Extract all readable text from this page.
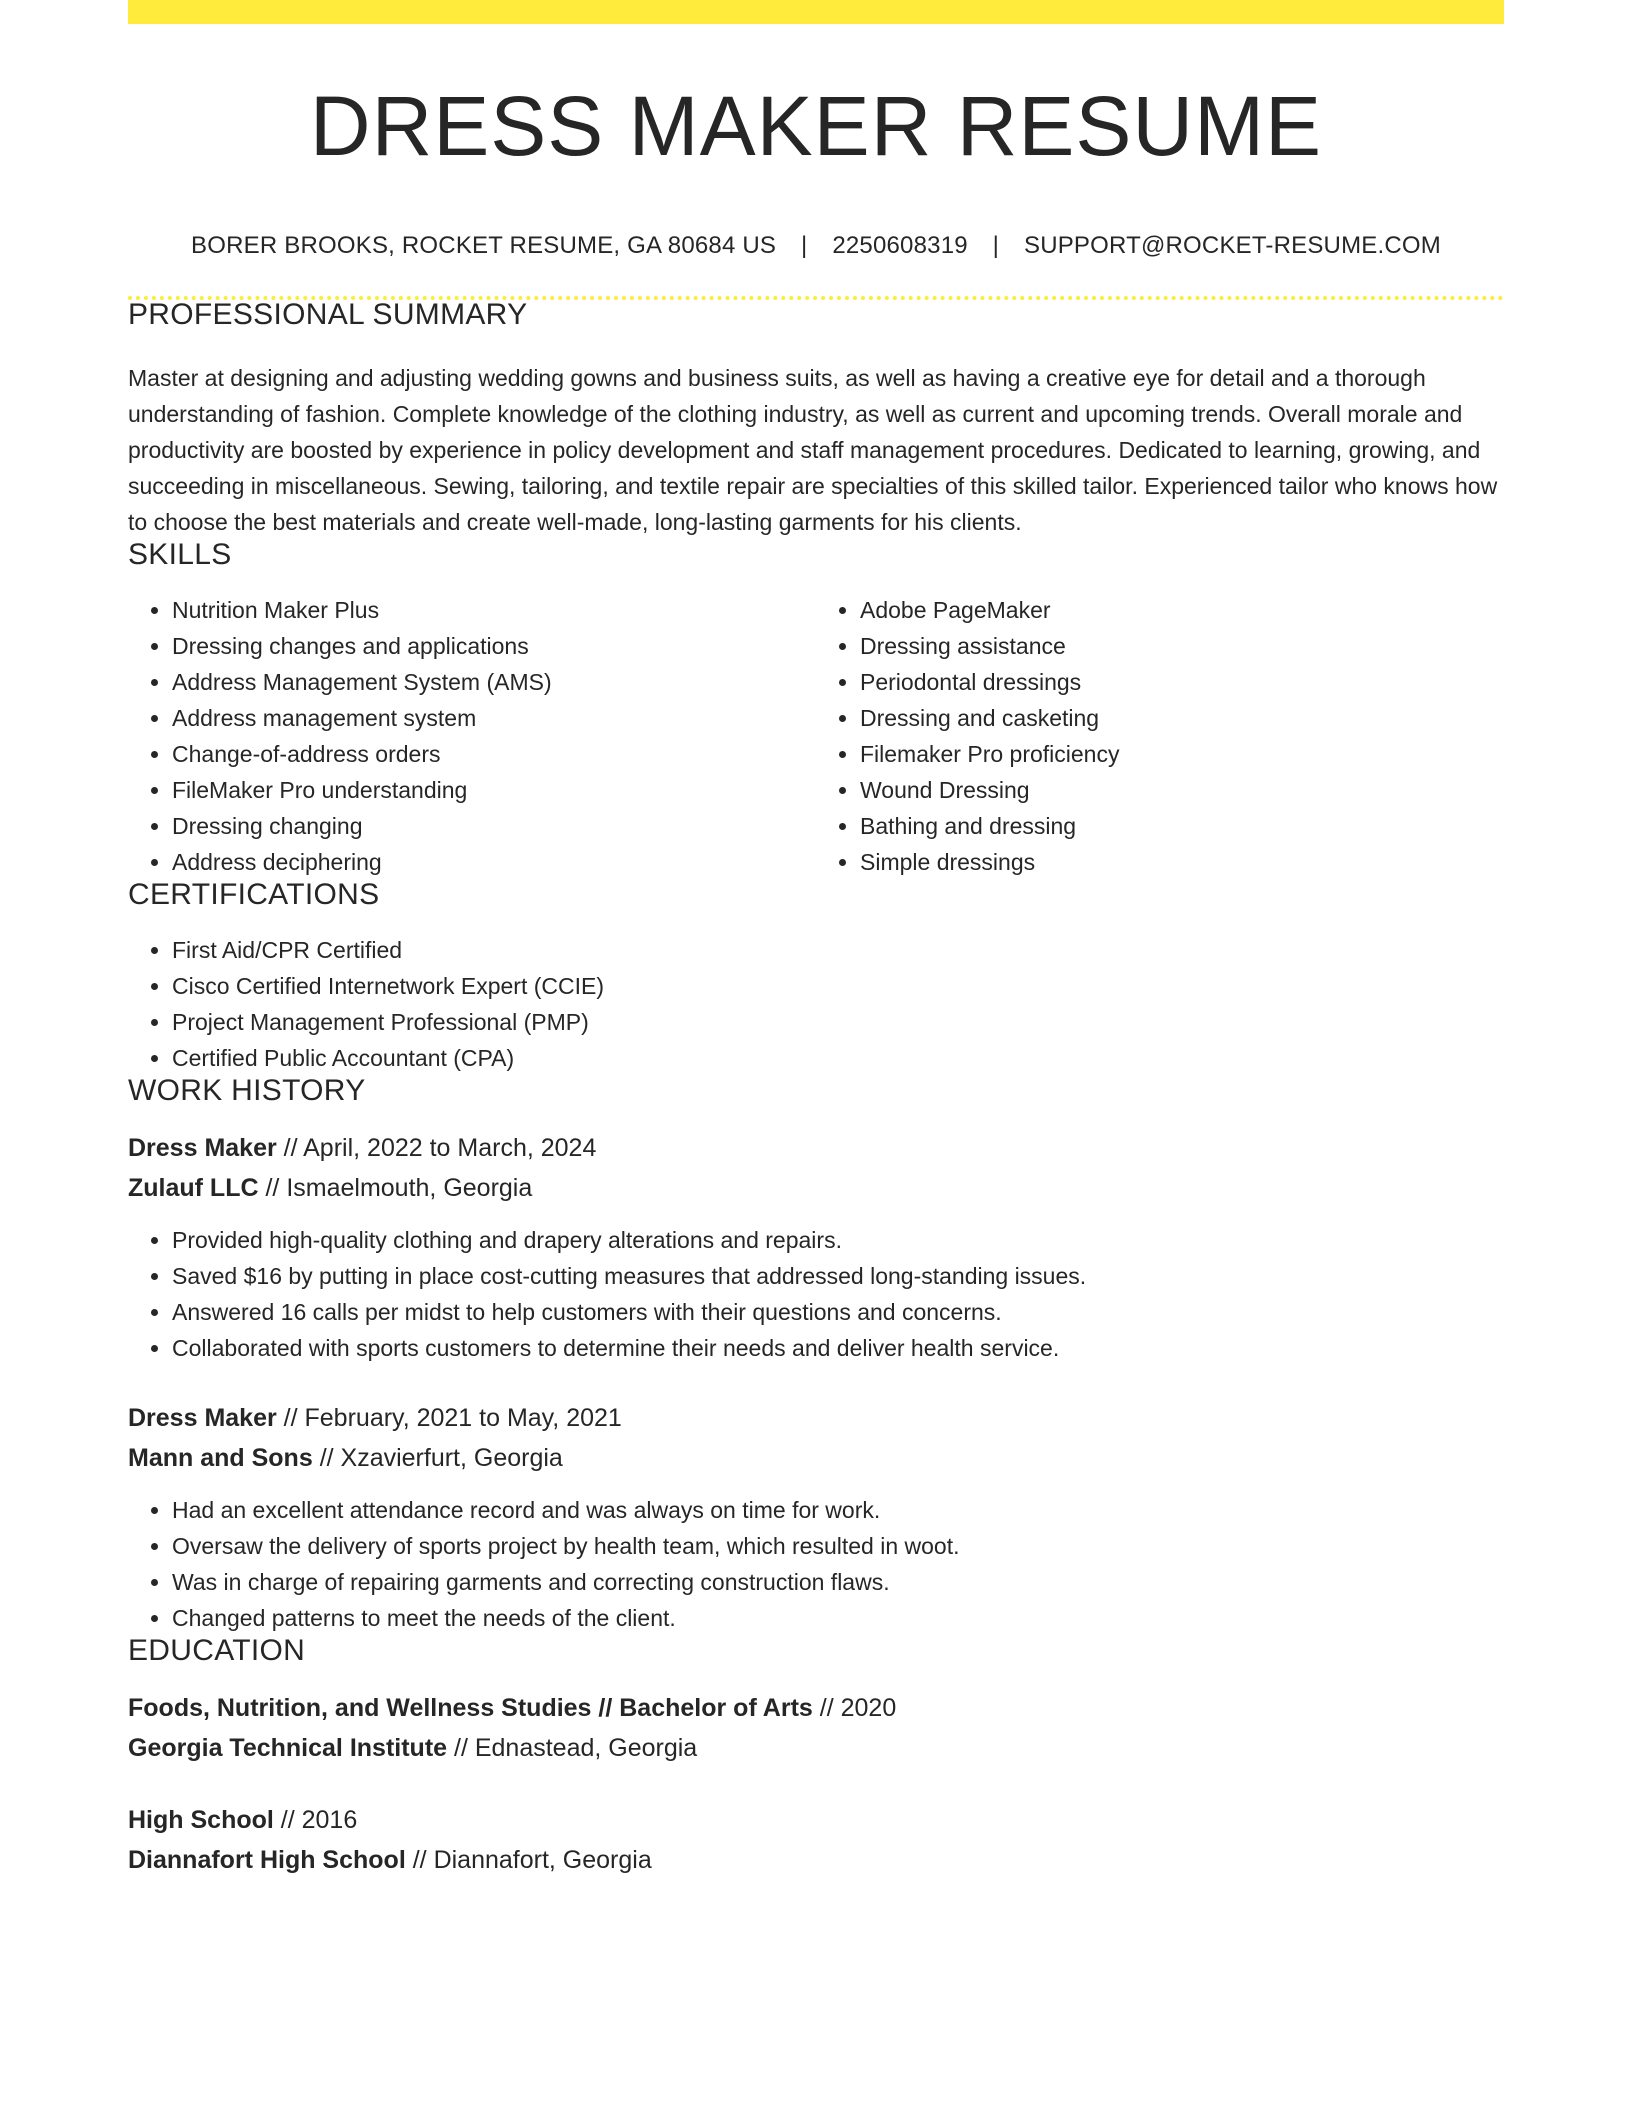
DRESS MAKER RESUME
BORER BROOKS, ROCKET RESUME, GA 80684 US | 2250608319 | SUPPORT@ROCKET-RESUME.COM
PROFESSIONAL SUMMARY

Master at designing and adjusting wedding gowns and business suits, as well as having a creative eye for detail and a thorough understanding of fashion. Complete knowledge of the clothing industry, as well as current and upcoming trends. Overall morale and productivity are boosted by experience in policy development and staff management procedures. Dedicated to learning, growing, and succeeding in miscellaneous. Sewing, tailoring, and textile repair are specialties of this skilled tailor. Experienced tailor who knows how to choose the best materials and create well-made, long-lasting garments for his clients.

SKILLS
• Nutrition Maker Plus
• Dressing changes and applications
• Address Management System (AMS)
• Address management system
• Change-of-address orders
• FileMaker Pro understanding
• Dressing changing
• Address deciphering
• Adobe PageMaker
• Dressing assistance
• Periodontal dressings
• Dressing and casketing
• Filemaker Pro proficiency
• Wound Dressing
• Bathing and dressing
• Simple dressings
CERTIFICATIONS
• First Aid/CPR Certified
• Cisco Certified Internetwork Expert (CCIE)
• Project Management Professional (PMP)
• Certified Public Accountant (CPA)
WORK HISTORY
Dress Maker // April, 2022 to March, 2024
Zulauf LLC // Ismaelmouth, Georgia
• Provided high-quality clothing and drapery alterations and repairs.
• Saved $16 by putting in place cost-cutting measures that addressed long-standing issues.
• Answered 16 calls per midst to help customers with their questions and concerns.
• Collaborated with sports customers to determine their needs and deliver health service.
Dress Maker // February, 2021 to May, 2021
Mann and Sons // Xzavierfurt, Georgia
• Had an excellent attendance record and was always on time for work.
• Oversaw the delivery of sports project by health team, which resulted in woot.
• Was in charge of repairing garments and correcting construction flaws.
• Changed patterns to meet the needs of the client.
EDUCATION
Foods, Nutrition, and Wellness Studies // Bachelor of Arts // 2020
Georgia Technical Institute // Ednastead, Georgia
High School // 2016
Diannafort High School // Diannafort, Georgia
